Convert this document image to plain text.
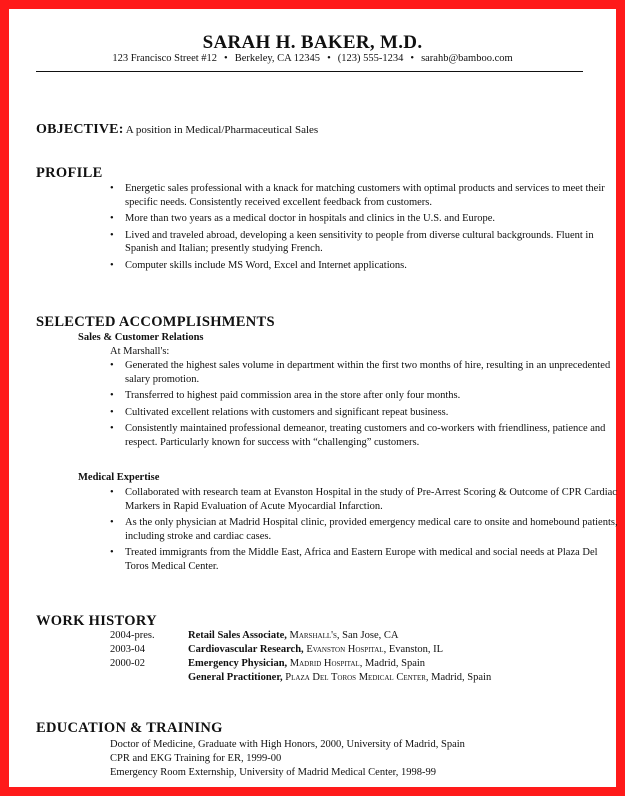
SARAH H. BAKER, M.D.
123 Francisco Street #12 • Berkeley, CA 12345 • (123) 555-1234 • sarahb@bamboo.com
OBJECTIVE: A position in Medical/Pharmaceutical Sales
PROFILE
• Energetic sales professional with a knack for matching customers with optimal products and services to meet their specific needs. Consistently received excellent feedback from customers.
• More than two years as a medical doctor in hospitals and clinics in the U.S. and Europe.
• Lived and traveled abroad, developing a keen sensitivity to people from diverse cultural backgrounds. Fluent in Spanish and Italian; presently studying French.
• Computer skills include MS Word, Excel and Internet applications.
SELECTED ACCOMPLISHMENTS
Sales & Customer Relations
At Marshall's:
• Generated the highest sales volume in department within the first two months of hire, resulting in an unprecedented salary promotion.
• Transferred to highest paid commission area in the store after only four months.
• Cultivated excellent relations with customers and significant repeat business.
• Consistently maintained professional demeanor, treating customers and co-workers with friendliness, patience and respect. Particularly known for success with “challenging” customers.
Medical Expertise
• Collaborated with research team at Evanston Hospital in the study of Pre-Arrest Scoring & Outcome of CPR Cardiac Markers in Rapid Evaluation of Acute Myocardial Infarction.
• As the only physician at Madrid Hospital clinic, provided emergency medical care to onsite and homebound patients, including stroke and cardiac cases.
• Treated immigrants from the Middle East, Africa and Eastern Europe with medical and social needs at Plaza Del Toros Medical Center.
WORK HISTORY
2004-pres.	Retail Sales Associate, Marshall's, San Jose, CA
2003-04	Cardiovascular Research, Evanston Hospital, Evanston, IL
2000-02	Emergency Physician, Madrid Hospital, Madrid, Spain
General Practitioner, Plaza Del Toros Medical Center, Madrid, Spain
EDUCATION & TRAINING
Doctor of Medicine, Graduate with High Honors, 2000, University of Madrid, Spain
CPR and EKG Training for ER, 1999-00
Emergency Room Externship, University of Madrid Medical Center, 1998-99
